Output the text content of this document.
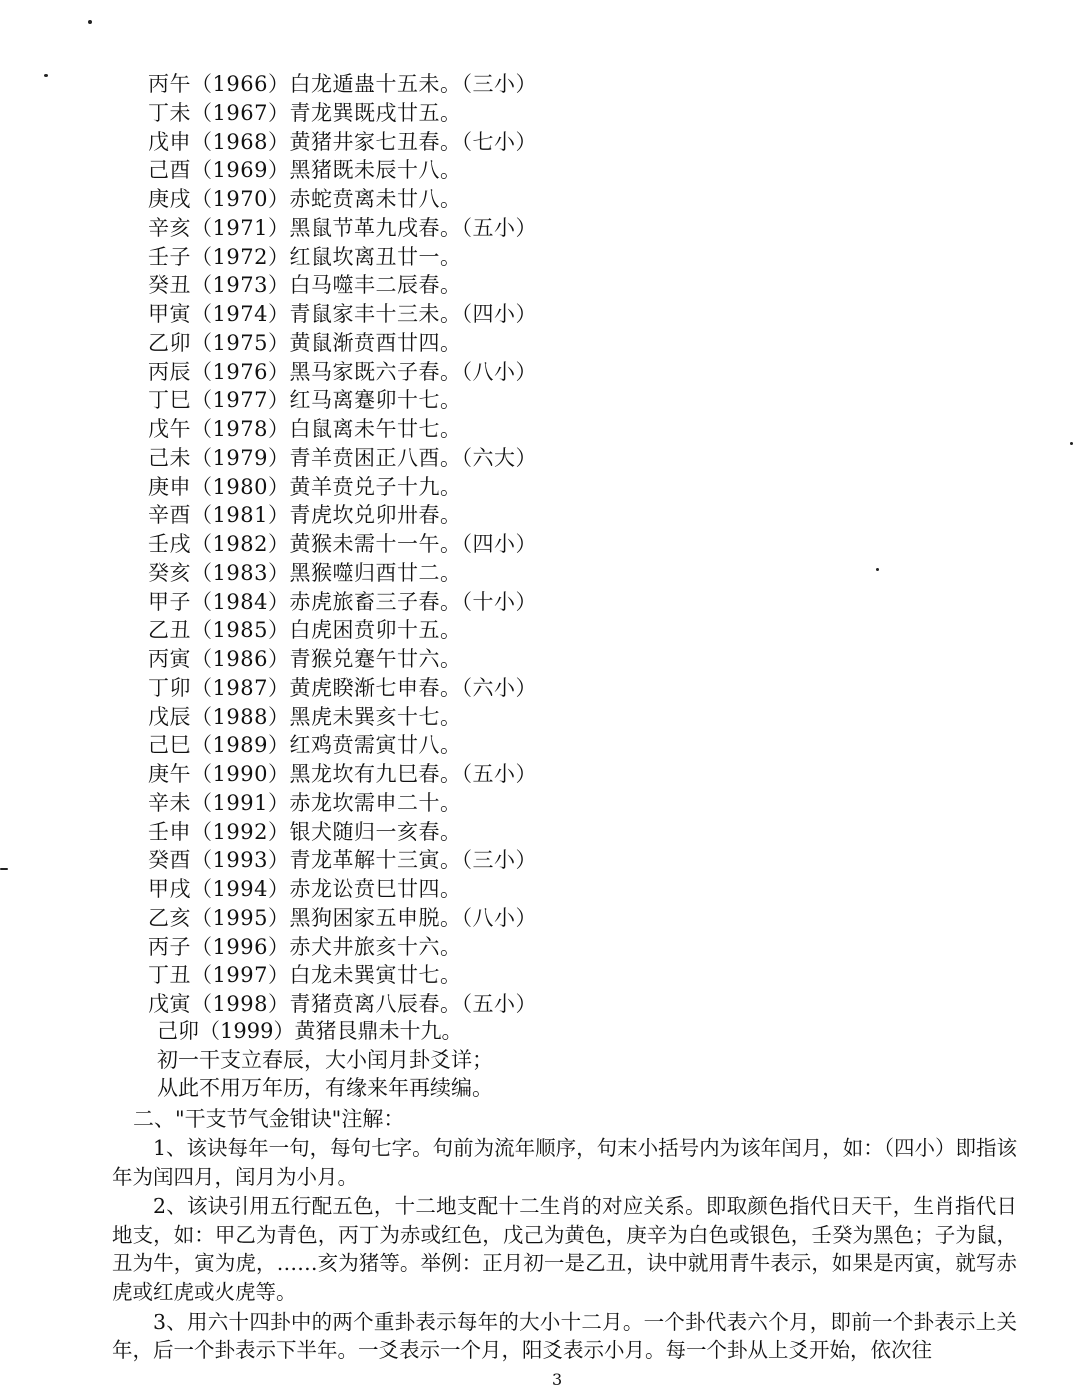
丙午（1966）白龙遁蛊十五未。（三小）
丁未（1967）青龙巽既戌廿五。
戊申（1968）黄猪井家七丑春。（七小）
己酉（1969）黑猪既未辰十八。
庚戌（1970）赤蛇贲离未廿八。
辛亥（1971）黑鼠节革九戌春。（五小）
壬子（1972）红鼠坎离丑廿一。
癸丑（1973）白马噬丰二辰春。
甲寅（1974）青鼠家丰十三未。（四小）
乙卯（1975）黄鼠渐贲酉廿四。
丙辰（1976）黑马家既六子春。（八小）
丁巳（1977）红马离蹇卯十七。
戊午（1978）白鼠离未午廿七。
己未（1979）青羊贲困正八酉。（六大）
庚申（1980）黄羊贲兑子十九。
辛酉（1981）青虎坎兑卯卅春。
壬戌（1982）黄猴未需十一午。（四小）
癸亥（1983）黑猴噬归酉廿二。
甲子（1984）赤虎旅畜三子春。（十小）
乙丑（1985）白虎困贲卯十五。
丙寅（1986）青猴兑蹇午廿六。
丁卯（1987）黄虎睽渐七申春。（六小）
戊辰（1988）黑虎未巽亥十七。
己巳（1989）红鸡贲需寅廿八。
庚午（1990）黑龙坎有九巳春。（五小）
辛未（1991）赤龙坎需申二十。
壬申（1992）银犬随归一亥春。
癸酉（1993）青龙革解十三寅。（三小）
甲戌（1994）赤龙讼贲巳廿四。
乙亥（1995）黑狗困家五申脱。（八小）
丙子（1996）赤犬井旅亥十六。
丁丑（1997）白龙未巽寅廿七。
戊寅（1998）青猪贲离八辰春。（五小）
己卯（1999）黄猪艮鼎未十九。
初一干支立春辰，大小闰月卦爻详；
从此不用万年历，有缘来年再续编。

二、"干支节气金钳诀"注解：

1、该诀每年一句，每句七字。句前为流年顺序，句末小括号内为该年闰月，如：（四小）即指该年为闰四月，闰月为小月。

2、该诀引用五行配五色，十二地支配十二生肖的对应关系。即取颜色指代日天干，生肖指代日地支，如：甲乙为青色，丙丁为赤或红色，戊己为黄色，庚辛为白色或银色，壬癸为黑色；子为鼠，丑为牛，寅为虎，……亥为猪等。举例：正月初一是乙丑，诀中就用青牛表示，如果是丙寅，就写赤虎或红虎或火虎等。

3、用六十四卦中的两个重卦表示每年的大小十二月。一个卦代表六个月，即前一个卦表示上关年，后一个卦表示下半年。一爻表示一个月，阳爻表示小月。每一个卦从上爻开始，依次往

3
